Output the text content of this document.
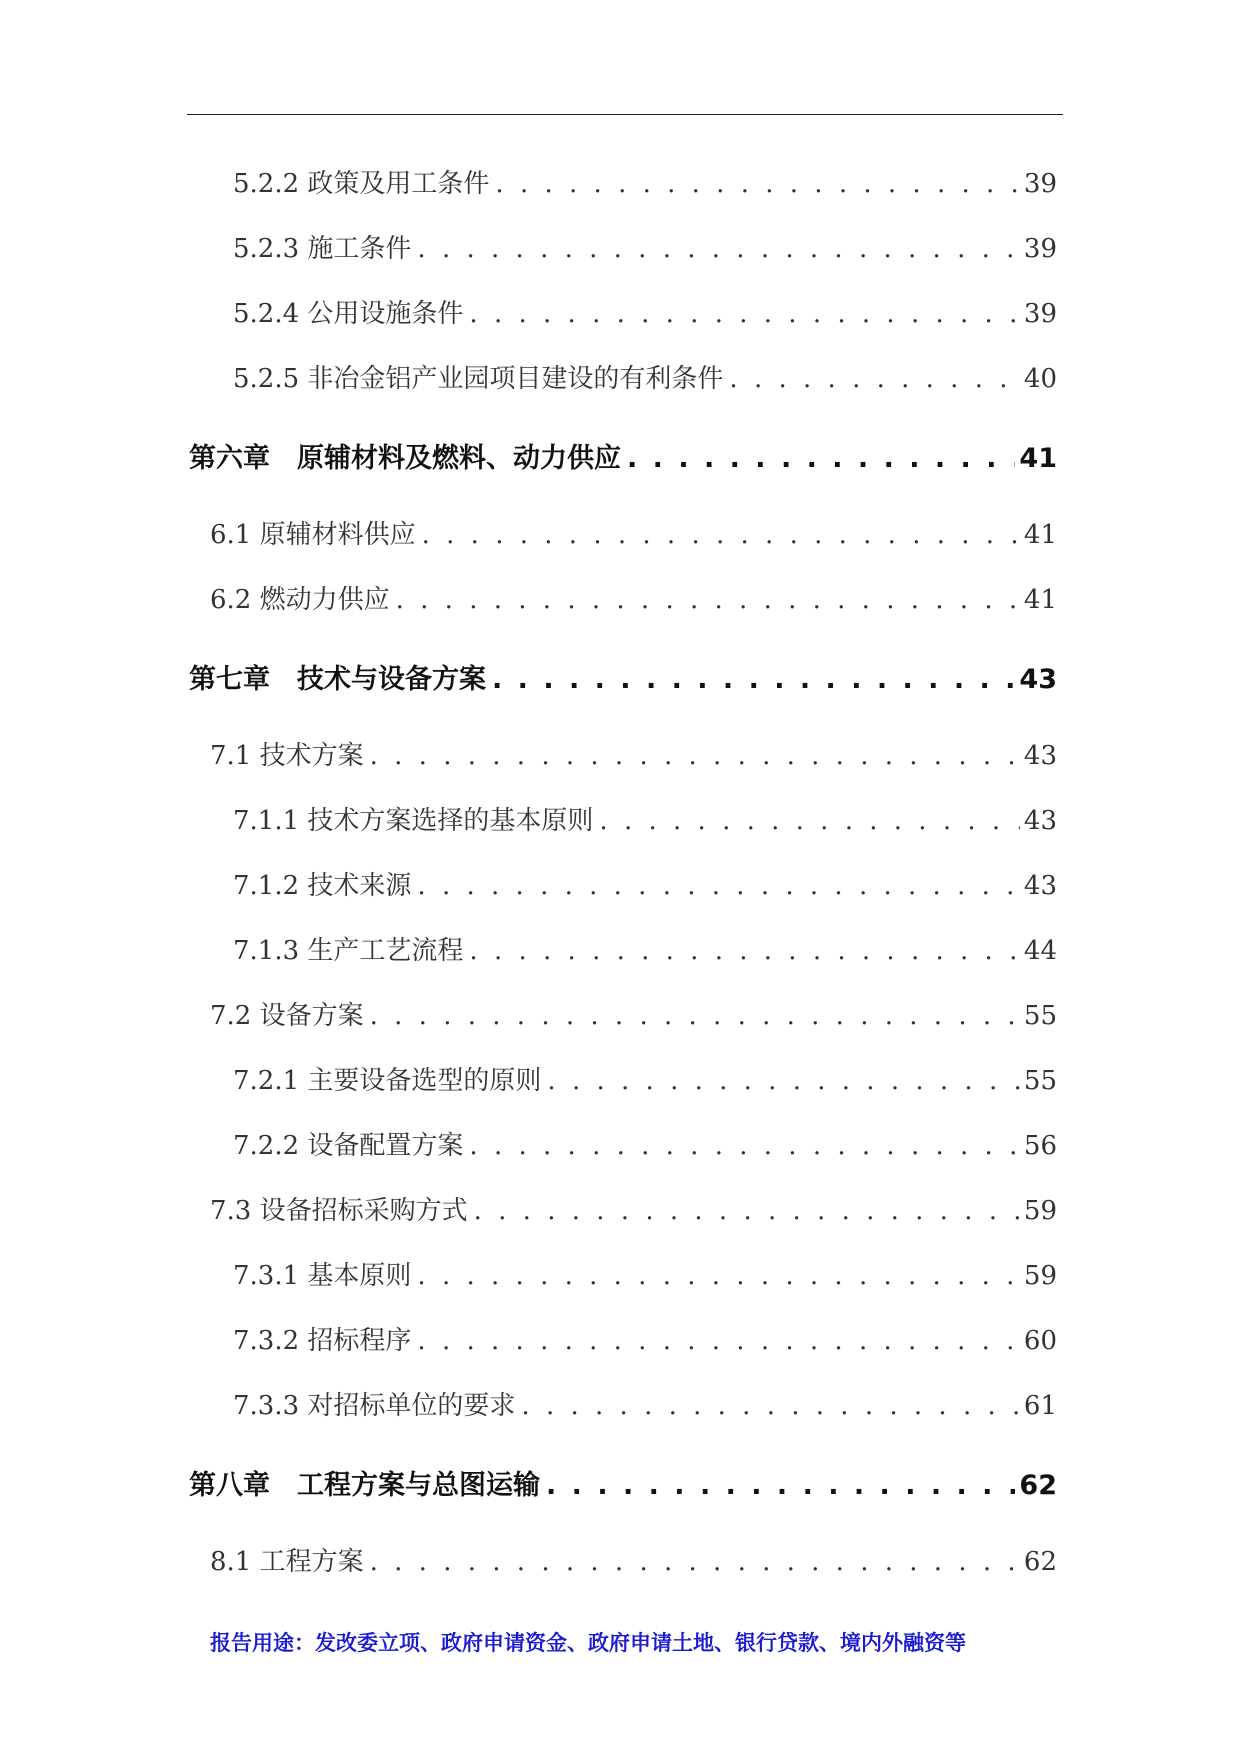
5.2.2 政策及用工条件 . . .	39
5.2.3 施工条件 . . .	39
5.2.4 公用设施条件 . . .	39
5.2.5 非冶金铝产业园项目建设的有利条件 . . .	40
第六章　原辅材料及燃料、动力供应 . . .	41
6.1 原辅材料供应 . . .	41
6.2 燃动力供应 . . .	41
第七章　技术与设备方案 . . .	43
7.1 技术方案 . . .	43
7.1.1 技术方案选择的基本原则 . . .	43
7.1.2 技术来源 . . .	43
7.1.3 生产工艺流程 . . .	44
7.2 设备方案 . . .	55
7.2.1 主要设备选型的原则 . . .	55
7.2.2 设备配置方案 . . .	56
7.3 设备招标采购方式 . . .	59
7.3.1 基本原则 . . .	59
7.3.2 招标程序 . . .	60
7.3.3 对招标单位的要求 . . .	61
第八章　工程方案与总图运输 . . .	62
8.1 工程方案 . . .	62
报告用途：发改委立项、政府申请资金、政府申请土地、银行贷款、境内外融资等
